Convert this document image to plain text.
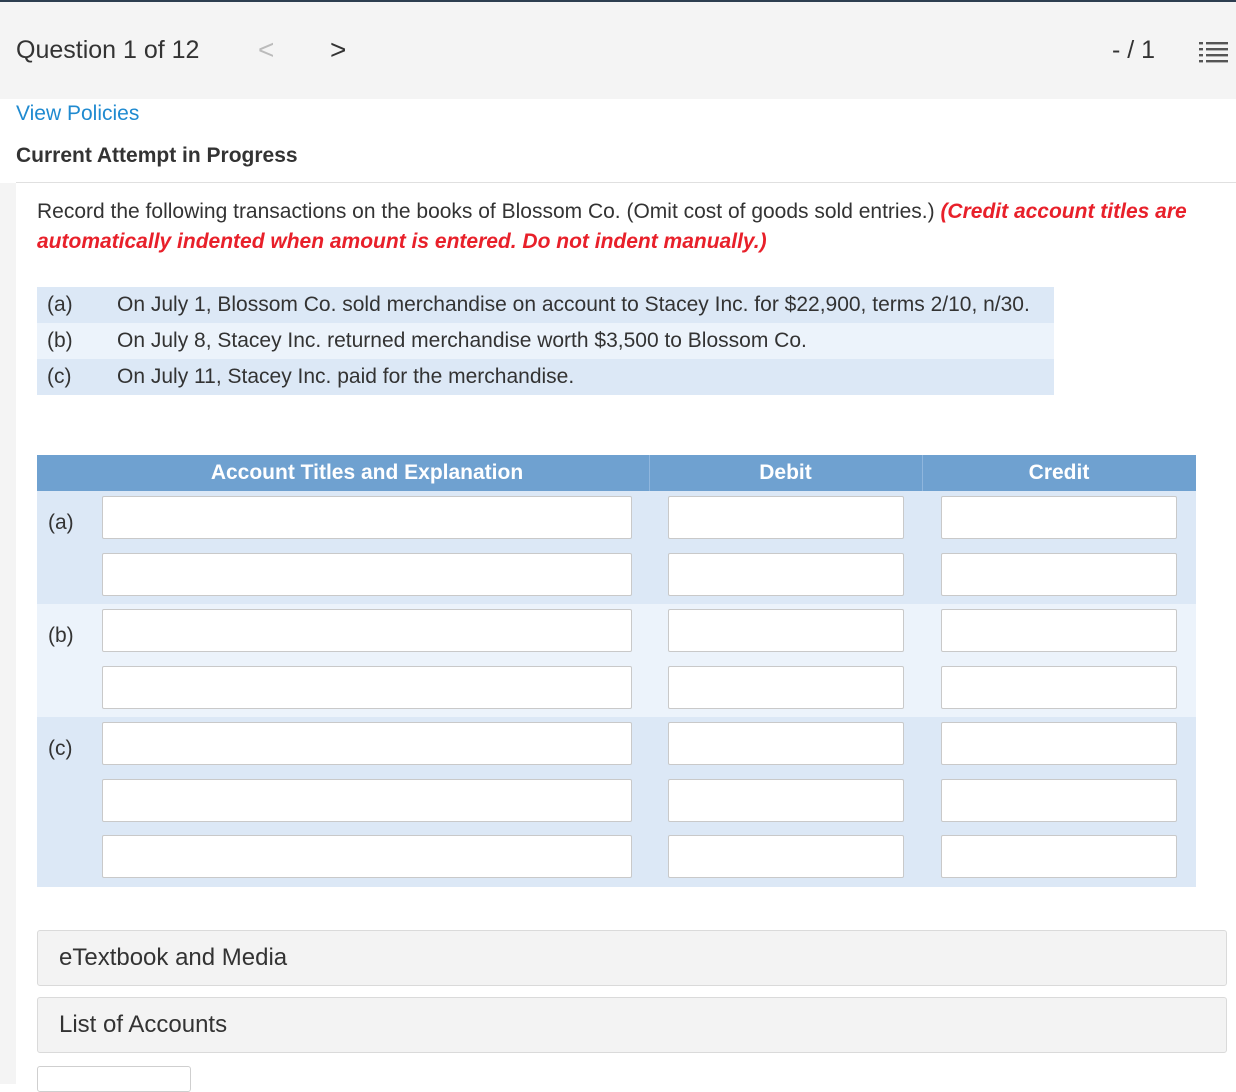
Question 1 of 12 < >	- / 1
View Policies
Current Attempt in Progress
Record the following transactions on the books of Blossom Co. (Omit cost of goods sold entries.) (Credit account titles are automatically indented when amount is entered. Do not indent manually.)
(a) On July 1, Blossom Co. sold merchandise on account to Stacey Inc. for $22,900, terms 2/10, n/30.
(b) On July 8, Stacey Inc. returned merchandise worth $3,500 to Blossom Co.
(c) On July 11, Stacey Inc. paid for the merchandise.
Account Titles and Explanation	Debit	Credit
(a)
(b)
(c)
eTextbook and Media
List of Accounts
